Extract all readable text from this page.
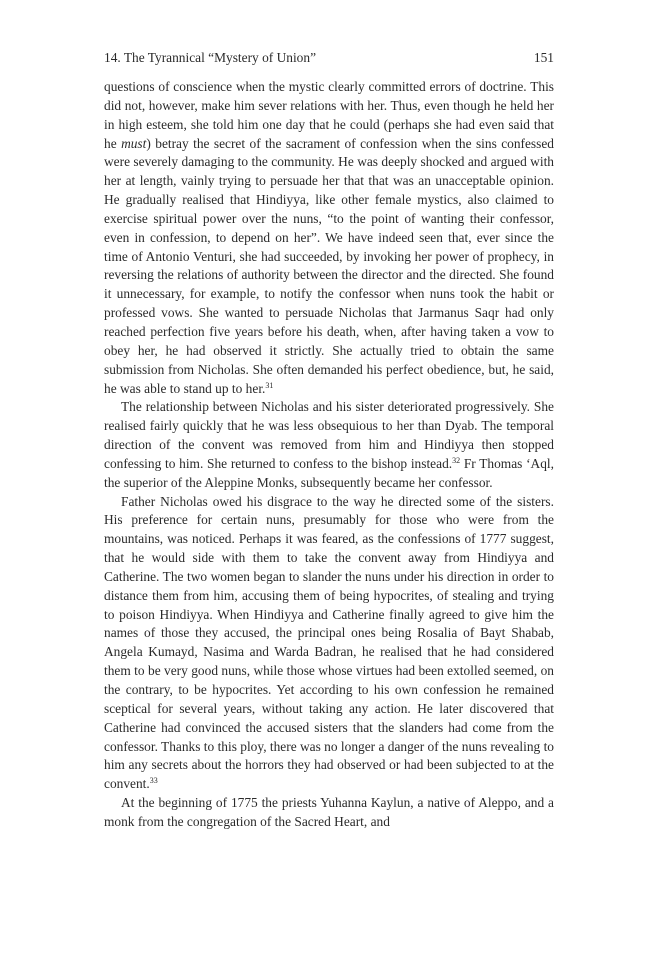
14. The Tyrannical “Mystery of Union”	151

questions of conscience when the mystic clearly committed errors of doctrine. This did not, however, make him sever relations with her. Thus, even though he held her in high esteem, she told him one day that he could (perhaps she had even said that he must) betray the secret of the sacrament of confession when the sins confessed were severely damaging to the community. He was deeply shocked and argued with her at length, vainly trying to persuade her that that was an unacceptable opinion. He gradually realised that Hindiyya, like other female mystics, also claimed to exercise spiritual power over the nuns, “to the point of wanting their confessor, even in confession, to depend on her”. We have indeed seen that, ever since the time of Antonio Venturi, she had succeeded, by invoking her power of prophecy, in reversing the relations of authority between the director and the directed. She found it unnecessary, for example, to notify the confessor when nuns took the habit or professed vows. She wanted to persuade Nicholas that Jarmanus Saqr had only reached perfection five years before his death, when, after having taken a vow to obey her, he had observed it strictly. She actually tried to obtain the same submission from Nicholas. She often demanded his perfect obedience, but, he said, he was able to stand up to her.$^{31}$

The relationship between Nicholas and his sister deteriorated progressively. She realised fairly quickly that he was less obsequious to her than Dyab. The temporal direction of the convent was removed from him and Hindiyya then stopped confessing to him. She returned to confess to the bishop instead.$^{32}$ Fr Thomas ‘Aql, the superior of the Aleppine Monks, subsequently became her confessor.

Father Nicholas owed his disgrace to the way he directed some of the sisters. His preference for certain nuns, presumably for those who were from the mountains, was noticed. Perhaps it was feared, as the confessions of 1777 suggest, that he would side with them to take the convent away from Hindiyya and Catherine. The two women began to slander the nuns under his direction in order to distance them from him, accusing them of being hypocrites, of stealing and trying to poison Hindiyya. When Hindiyya and Catherine finally agreed to give him the names of those they accused, the principal ones being Rosalia of Bayt Shabab, Angela Kumayd, Nasima and Warda Badran, he realised that he had considered them to be very good nuns, while those whose virtues had been extolled seemed, on the contrary, to be hypocrites. Yet according to his own confession he remained sceptical for several years, without taking any action. He later discovered that Catherine had convinced the accused sisters that the slanders had come from the confessor. Thanks to this ploy, there was no longer a danger of the nuns revealing to him any secrets about the horrors they had observed or had been subjected to at the convent.$^{33}$

At the beginning of 1775 the priests Yuhanna Kaylun, a native of Aleppo, and a monk from the congregation of the Sacred Heart, and
